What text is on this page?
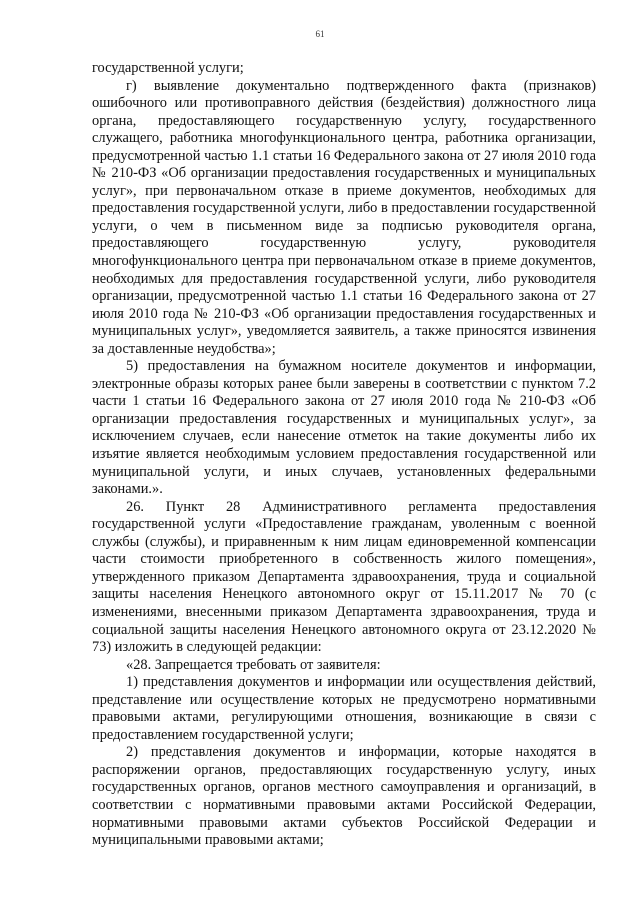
61

государственной услуги;

г) выявление документально подтвержденного факта (признаков) ошибочного или противоправного действия (бездействия) должностного лица органа, предоставляющего государственную услугу, государственного служащего, работника многофункционального центра, работника организации, предусмотренной частью 1.1 статьи 16 Федерального закона от 27 июля 2010 года № 210-ФЗ «Об организации предоставления государственных и муниципальных услуг», при первоначальном отказе в приеме документов, необходимых для предоставления государственной услуги, либо в предоставлении государственной услуги, о чем в письменном виде за подписью руководителя органа, предоставляющего государственную услугу, руководителя многофункционального центра при первоначальном отказе в приеме документов, необходимых для предоставления государственной услуги, либо руководителя организации, предусмотренной частью 1.1 статьи 16 Федерального закона от 27 июля 2010 года № 210-ФЗ «Об организации предоставления государственных и муниципальных услуг», уведомляется заявитель, а также приносятся извинения за доставленные неудобства»;

5) предоставления на бумажном носителе документов и информации, электронные образы которых ранее были заверены в соответствии с пунктом 7.2 части 1 статьи 16 Федерального закона от 27 июля 2010 года № 210-ФЗ «Об организации предоставления государственных и муниципальных услуг», за исключением случаев, если нанесение отметок на такие документы либо их изъятие является необходимым условием предоставления государственной или муниципальной услуги, и иных случаев, установленных федеральными законами.».

26. Пункт 28 Административного регламента предоставления государственной услуги «Предоставление гражданам, уволенным с военной службы (службы), и приравненным к ним лицам единовременной компенсации части стоимости приобретенного в собственность жилого помещения», утвержденного приказом Департамента здравоохранения, труда и социальной защиты населения Ненецкого автономного округ от 15.11.2017 № 70 (с изменениями, внесенными приказом Департамента здравоохранения, труда и социальной защиты населения Ненецкого автономного округа от 23.12.2020 № 73) изложить в следующей редакции:

«28. Запрещается требовать от заявителя:

1) представления документов и информации или осуществления действий, представление или осуществление которых не предусмотрено нормативными правовыми актами, регулирующими отношения, возникающие в связи с предоставлением государственной услуги;

2) представления документов и информации, которые находятся в распоряжении органов, предоставляющих государственную услугу, иных государственных органов, органов местного самоуправления и организаций, в соответствии с нормативными правовыми актами Российской Федерации, нормативными правовыми актами субъектов Российской Федерации и муниципальными правовыми актами;
